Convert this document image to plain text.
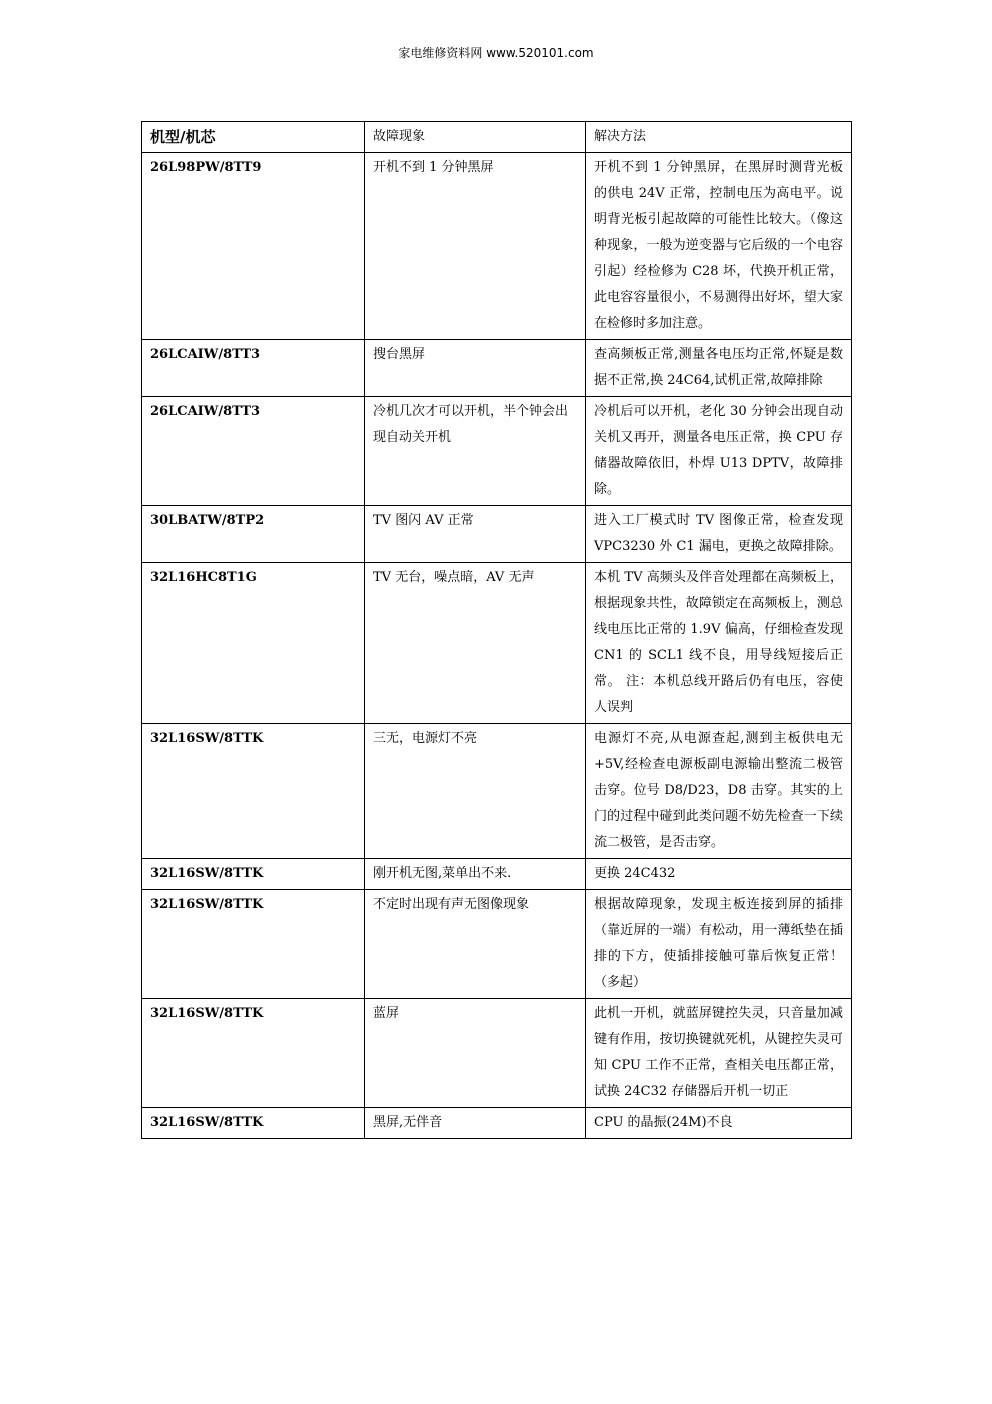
家电维修资料网 www.520101.com
机型/机芯	故障现象	解决方法
26L98PW/8TT9	开机不到 1 分钟黑屏	开机不到 1 分钟黑屏，在黑屏时测背光板的供电 24V 正常，控制电压为高电平。说明背光板引起故障的可能性比较大。（像这种现象，一般为逆变器与它后级的一个电容引起）经检修为 C28 坏，代换开机正常，此电容容量很小，不易测得出好坏，望大家在检修时多加注意。
26LCAIW/8TT3	搜台黑屏	查高频板正常,测量各电压均正常,怀疑是数据不正常,换 24C64,试机正常,故障排除
26LCAIW/8TT3	冷机几次才可以开机，半个钟会出现自动关开机	冷机后可以开机，老化 30 分钟会出现自动关机又再开，测量各电压正常，换 CPU 存储器故障依旧，朴焊 U13 DPTV，故障排除。
30LBATW/8TP2	TV 图闪 AV 正常	进入工厂模式时 TV 图像正常，检查发现 VPC3230 外 C1 漏电，更换之故障排除。
32L16HC8T1G	TV 无台，噪点暗，AV 无声	本机 TV 高频头及伴音处理都在高频板上，根据现象共性，故障锁定在高频板上，测总线电压比正常的 1.9V 偏高，仔细检查发现 CN1 的 SCL1 线不良，用导线短接后正常。 注：本机总线开路后仍有电压，容使人误判
32L16SW/8TTK	三无，电源灯不亮	电源灯不亮,从电源查起,测到主板供电无+5V,经检查电源板副电源输出整流二极管击穿。位号 D8/D23，D8 击穿。其实的上门的过程中碰到此类问题不妨先检查一下续流二极管，是否击穿。
32L16SW/8TTK	刚开机无图,菜单出不来.	更换 24C432
32L16SW/8TTK	不定时出现有声无图像现象	根据故障现象，发现主板连接到屏的插排（靠近屏的一端）有松动，用一薄纸垫在插排的下方，使插排接触可靠后恢复正常！（多起）
32L16SW/8TTK	蓝屏	此机一开机，就蓝屏键控失灵，只音量加减键有作用，按切换键就死机，从键控失灵可知 CPU 工作不正常，查相关电压都正常，试换 24C32 存储器后开机一切正
32L16SW/8TTK	黑屏,无伴音	CPU 的晶振(24M)不良
